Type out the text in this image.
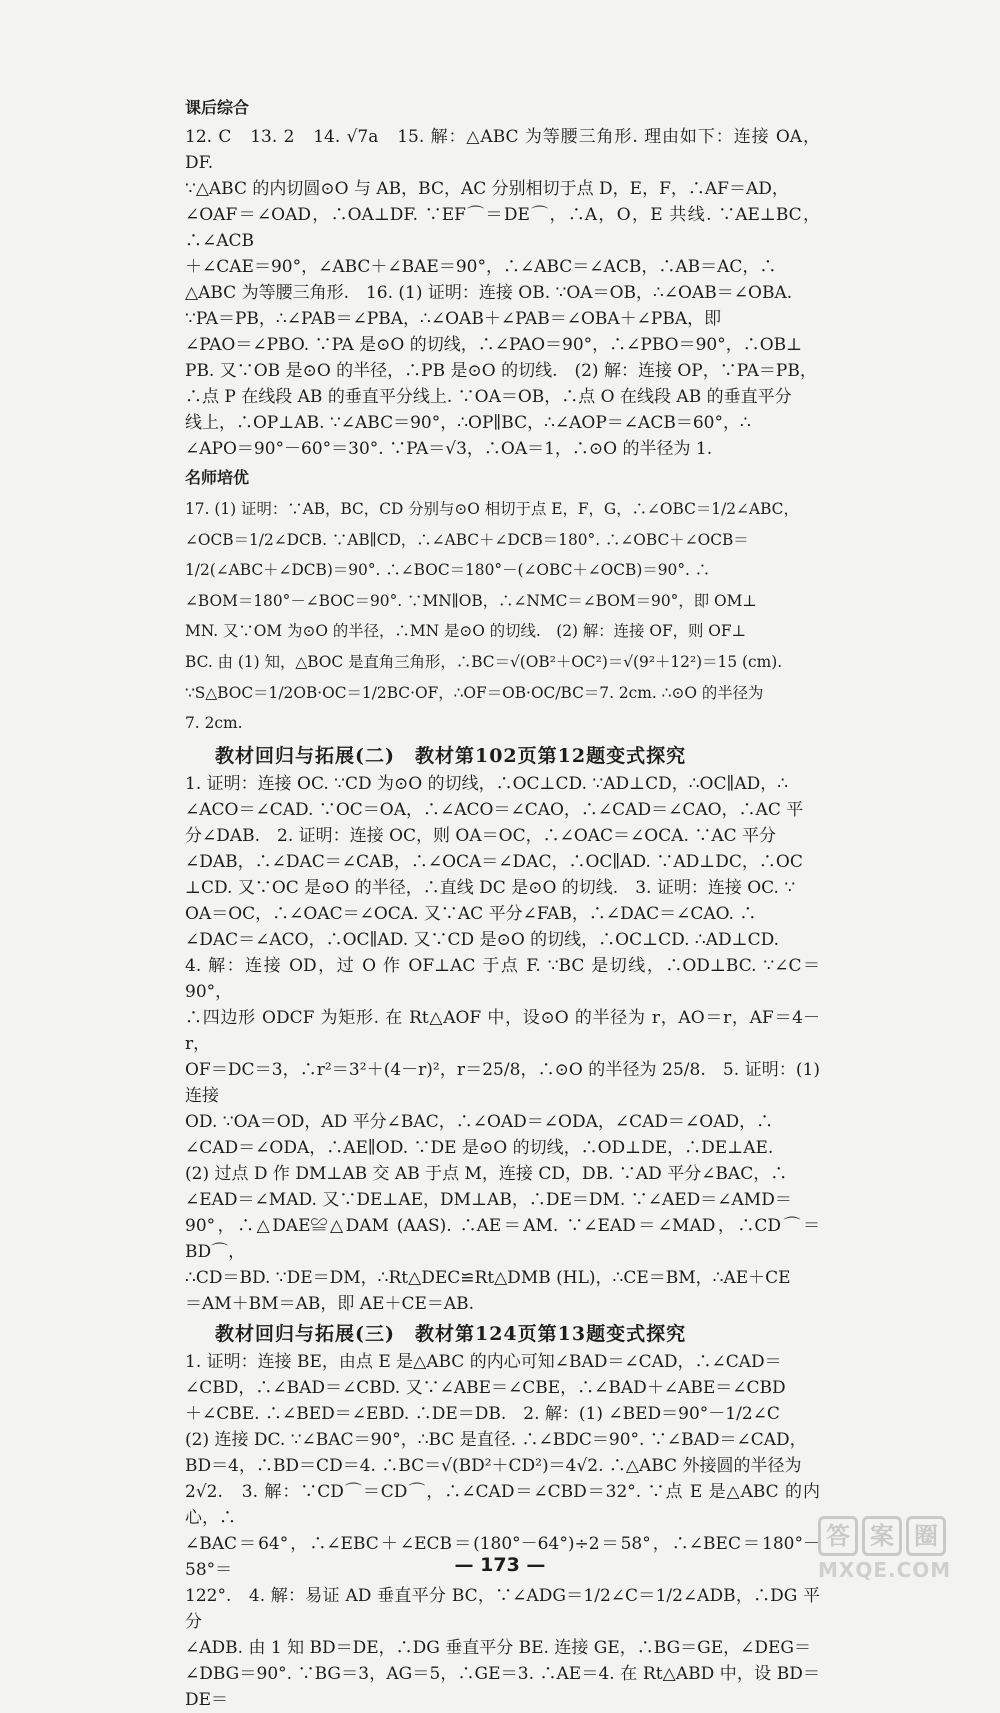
课后综合

12. C　13. 2　14. √7a　15. 解：△ABC 为等腰三角形. 理由如下：连接 OA，DF.

∵△ABC 的内切圆⊙O 与 AB，BC，AC 分别相切于点 D，E，F，∴AF＝AD，

∠OAF＝∠OAD，∴OA⊥DF. ∵EF⌒＝DE⌒，∴A，O，E 共线. ∵AE⊥BC，∴∠ACB

＋∠CAE＝90°，∠ABC＋∠BAE＝90°，∴∠ABC＝∠ACB，∴AB＝AC，∴

△ABC 为等腰三角形.　16. (1) 证明：连接 OB. ∵OA＝OB，∴∠OAB＝∠OBA.

∵PA＝PB，∴∠PAB＝∠PBA，∴∠OAB＋∠PAB＝∠OBA＋∠PBA，即

∠PAO＝∠PBO. ∵PA 是⊙O 的切线，∴∠PAO＝90°，∴∠PBO＝90°，∴OB⊥

PB. 又∵OB 是⊙O 的半径，∴PB 是⊙O 的切线.　(2) 解：连接 OP，∵PA＝PB，

∴点 P 在线段 AB 的垂直平分线上. ∵OA＝OB，∴点 O 在线段 AB 的垂直平分

线上，∴OP⊥AB. ∵∠ABC＝90°，∴OP∥BC，∴∠AOP＝∠ACB＝60°，∴

∠APO＝90°－60°＝30°. ∵PA＝√3，∴OA＝1，∴⊙O 的半径为 1.

名师培优

17. (1) 证明：∵AB，BC，CD 分别与⊙O 相切于点 E，F，G，∴∠OBC＝1/2∠ABC，

∠OCB＝1/2∠DCB. ∵AB∥CD，∴∠ABC＋∠DCB＝180°. ∴∠OBC＋∠OCB＝

1/2(∠ABC＋∠DCB)＝90°. ∴∠BOC＝180°－(∠OBC＋∠OCB)＝90°. ∴

∠BOM＝180°－∠BOC＝90°. ∵MN∥OB，∴∠NMC＝∠BOM＝90°，即 OM⊥

MN. 又∵OM 为⊙O 的半径，∴MN 是⊙O 的切线.　(2) 解：连接 OF，则 OF⊥

BC. 由 (1) 知，△BOC 是直角三角形，∴BC＝√(OB²＋OC²)＝√(9²＋12²)＝15 (cm).

∵S△BOC＝1/2OB·OC＝1/2BC·OF，∴OF＝OB·OC/BC＝7. 2cm. ∴⊙O 的半径为

7. 2cm.

教材回归与拓展(二)　教材第102页第12题变式探究

1. 证明：连接 OC. ∵CD 为⊙O 的切线，∴OC⊥CD. ∵AD⊥CD，∴OC∥AD，∴

∠ACO＝∠CAD. ∵OC＝OA，∴∠ACO＝∠CAO，∴∠CAD＝∠CAO，∴AC 平

分∠DAB.　2. 证明：连接 OC，则 OA＝OC，∴∠OAC＝∠OCA. ∵AC 平分

∠DAB，∴∠DAC＝∠CAB，∴∠OCA＝∠DAC，∴OC∥AD. ∵AD⊥DC，∴OC

⊥CD. 又∵OC 是⊙O 的半径，∴直线 DC 是⊙O 的切线.　3. 证明：连接 OC. ∵

OA＝OC，∴∠OAC＝∠OCA. 又∵AC 平分∠FAB，∴∠DAC＝∠CAO. ∴

∠DAC＝∠ACO，∴OC∥AD. 又∵CD 是⊙O 的切线，∴OC⊥CD. ∴AD⊥CD.

4. 解：连接 OD，过 O 作 OF⊥AC 于点 F. ∵BC 是切线，∴OD⊥BC. ∵∠C＝90°，

∴四边形 ODCF 为矩形. 在 Rt△AOF 中，设⊙O 的半径为 r，AO＝r，AF＝4－r，

OF＝DC＝3，∴r²＝3²＋(4－r)²，r＝25/8，∴⊙O 的半径为 25/8.　5. 证明：(1) 连接

OD. ∵OA＝OD，AD 平分∠BAC，∴∠OAD＝∠ODA，∠CAD＝∠OAD，∴

∠CAD＝∠ODA，∴AE∥OD. ∵DE 是⊙O 的切线，∴OD⊥DE，∴DE⊥AE.

(2) 过点 D 作 DM⊥AB 交 AB 于点 M，连接 CD，DB. ∵AD 平分∠BAC，∴

∠EAD＝∠MAD. 又∵DE⊥AE，DM⊥AB，∴DE＝DM. ∵∠AED＝∠AMD＝

90°，∴△DAE≌△DAM (AAS). ∴AE＝AM. ∵∠EAD＝∠MAD，∴CD⌒＝BD⌒，

∴CD＝BD. ∵DE＝DM，∴Rt△DEC≌Rt△DMB (HL)，∴CE＝BM，∴AE＋CE

＝AM＋BM＝AB，即 AE＋CE＝AB.

教材回归与拓展(三)　教材第124页第13题变式探究

1. 证明：连接 BE，由点 E 是△ABC 的内心可知∠BAD＝∠CAD，∴∠CAD＝

∠CBD，∴∠BAD＝∠CBD. 又∵∠ABE＝∠CBE，∴∠BAD＋∠ABE＝∠CBD

＋∠CBE. ∴∠BED＝∠EBD. ∴DE＝DB.　2. 解：(1) ∠BED＝90°－1/2∠C

(2) 连接 DC. ∵∠BAC＝90°，∴BC 是直径. ∴∠BDC＝90°. ∵∠BAD＝∠CAD，

BD＝4，∴BD＝CD＝4. ∴BC＝√(BD²＋CD²)＝4√2. ∴△ABC 外接圆的半径为

2√2.　3. 解：∵CD⌒＝CD⌒，∴∠CAD＝∠CBD＝32°. ∵点 E 是△ABC 的内心，∴

∠BAC＝64°，∴∠EBC＋∠ECB＝(180°－64°)÷2＝58°，∴∠BEC＝180°－58°＝

122°.　4. 解：易证 AD 垂直平分 BC，∵∠ADG＝1/2∠C＝1/2∠ADB，∴DG 平分

∠ADB. 由 1 知 BD＝DE，∴DG 垂直平分 BE. 连接 GE，∴BG＝GE，∠DEG＝

∠DBG＝90°. ∵BG＝3，AG＝5，∴GE＝3. ∴AE＝4. 在 Rt△ABD 中，设 BD＝DE＝

— 173 —
答 案 圈
MXQE.COM
